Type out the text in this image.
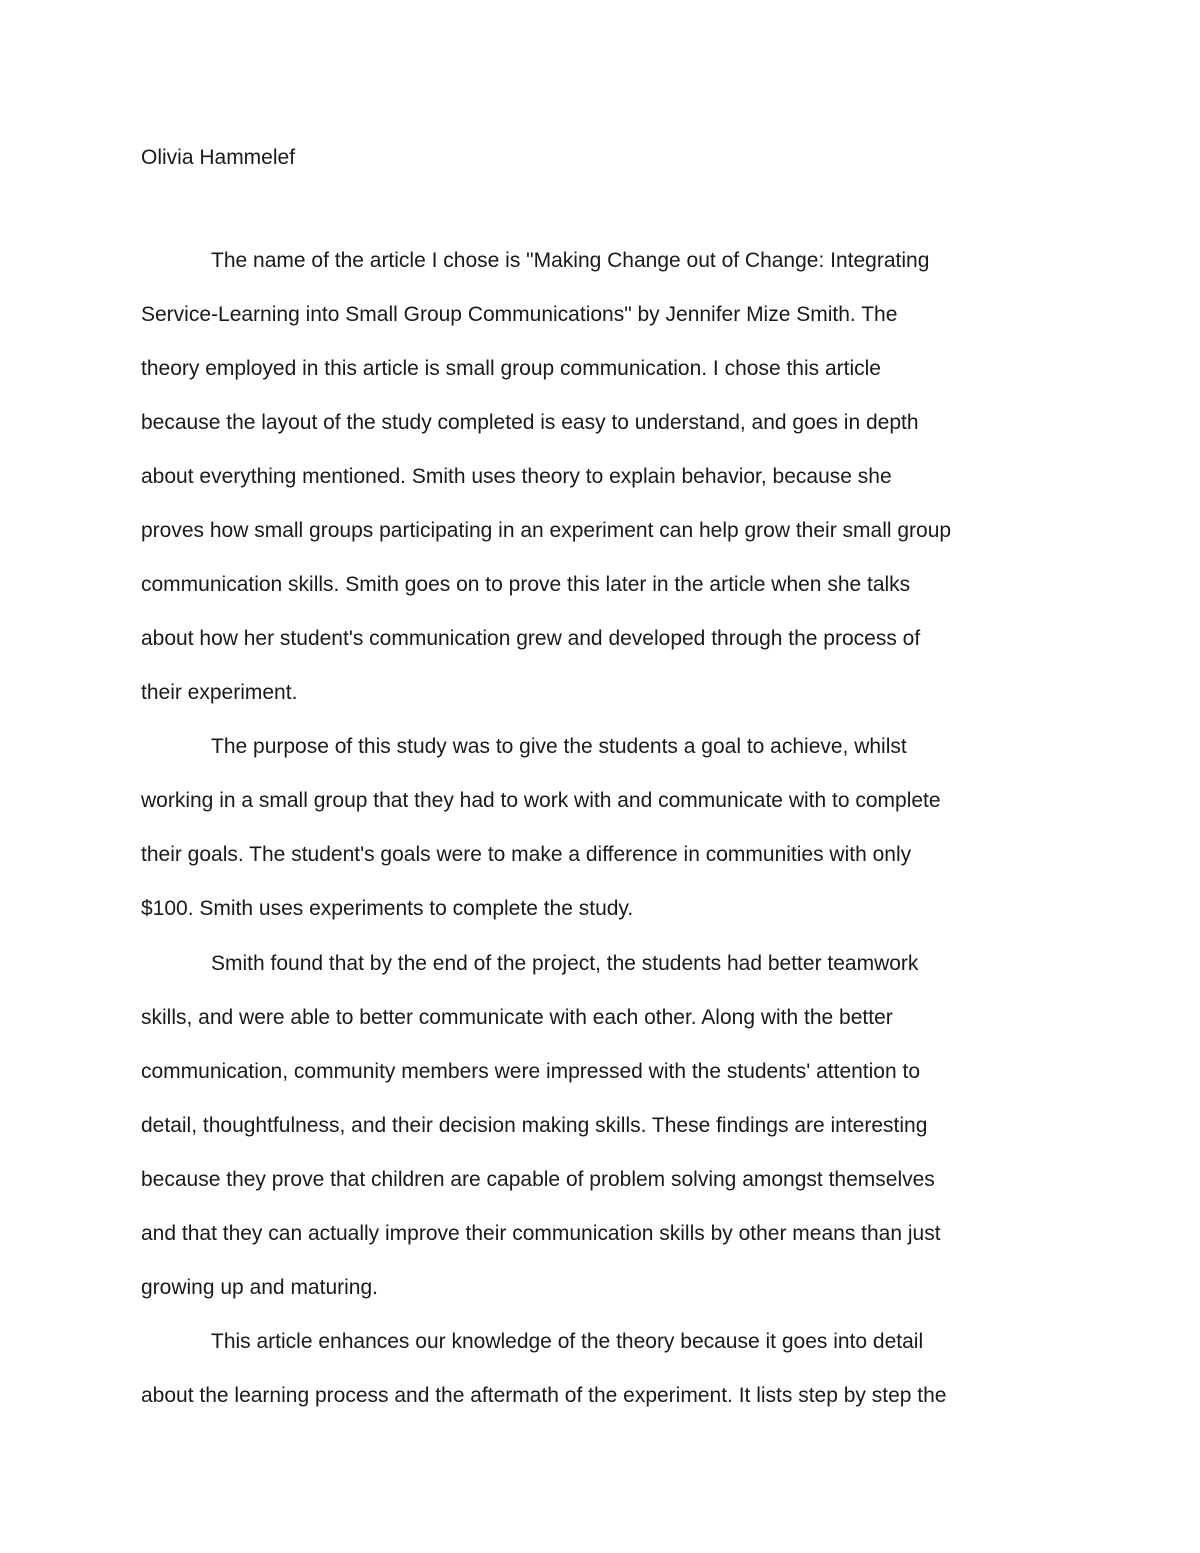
Olivia Hammelef
The name of the article I chose is "Making Change out of Change: Integrating
Service-Learning into Small Group Communications" by Jennifer Mize Smith. The
theory employed in this article is small group communication. I chose this article
because the layout of the study completed is easy to understand, and goes in depth
about everything mentioned. Smith uses theory to explain behavior, because she
proves how small groups participating in an experiment can help grow their small group
communication skills. Smith goes on to prove this later in the article when she talks
about how her student's communication grew and developed through the process of
their experiment.
The purpose of this study was to give the students a goal to achieve, whilst
working in a small group that they had to work with and communicate with to complete
their goals. The student's goals were to make a difference in communities with only
$100. Smith uses experiments to complete the study.
Smith found that by the end of the project, the students had better teamwork
skills, and were able to better communicate with each other. Along with the better
communication, community members were impressed with the students' attention to
detail, thoughtfulness, and their decision making skills. These findings are interesting
because they prove that children are capable of problem solving amongst themselves
and that they can actually improve their communication skills by other means than just
growing up and maturing.
This article enhances our knowledge of the theory because it goes into detail
about the learning process and the aftermath of the experiment. It lists step by step the
